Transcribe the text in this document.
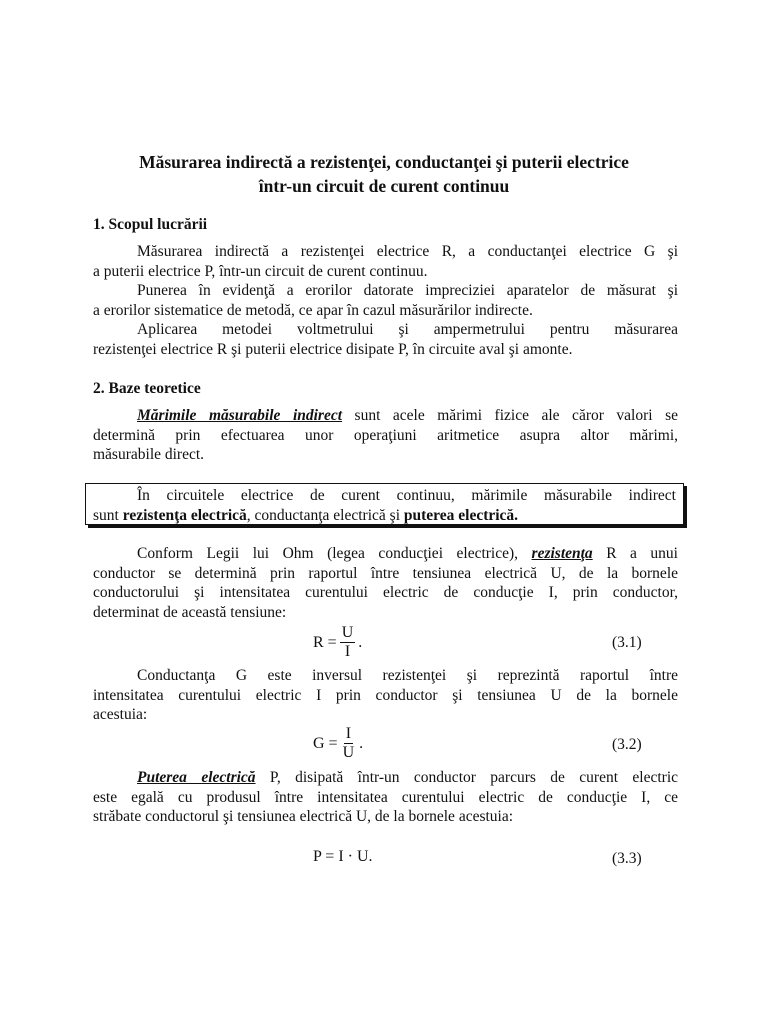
Măsurarea indirectă a rezistenţei, conductanţei şi puterii electrice
într-un circuit de curent continuu
1. Scopul lucrării
Măsurarea indirectă a rezistenţei electrice R, a conductanţei electrice G şi
a puterii electrice P, într-un circuit de curent continuu.
Punerea în evidenţă a erorilor datorate impreciziei aparatelor de măsurat şi
a erorilor sistematice de metodă, ce apar în cazul măsurărilor indirecte.
Aplicarea metodei voltmetrului şi ampermetrului pentru măsurarea
rezistenţei electrice R şi puterii electrice disipate P, în circuite aval şi amonte.
2. Baze teoretice
Mărimile măsurabile indirect sunt acele mărimi fizice ale căror valori se
determină prin efectuarea unor operaţiuni aritmetice asupra altor mărimi,
măsurabile direct.
În circuitele electrice de curent continuu, mărimile măsurabile indirect
sunt rezistenţa electrică, conductanţa electrică şi puterea electrică.
Conform Legii lui Ohm (legea conducţiei electrice), rezistenţa R a unui
conductor se determină prin raportul între tensiunea electrică U, de la bornele
conductorului şi intensitatea curentului electric de conducţie I, prin conductor,
determinat de această tensiune:
$R = \frac{U}{I}$ .	(3.1)
Conductanţa G este inversul rezistenţei şi reprezintă raportul între
intensitatea curentului electric I prin conductor şi tensiunea U de la bornele
acestuia:
$G = \frac{I}{U}$ .	(3.2)
Puterea electrică P, disipată într-un conductor parcurs de curent electric
este egală cu produsul între intensitatea curentului electric de conducţie I, ce
străbate conductorul şi tensiunea electrică U, de la bornele acestuia:
P = I · U.	(3.3)
